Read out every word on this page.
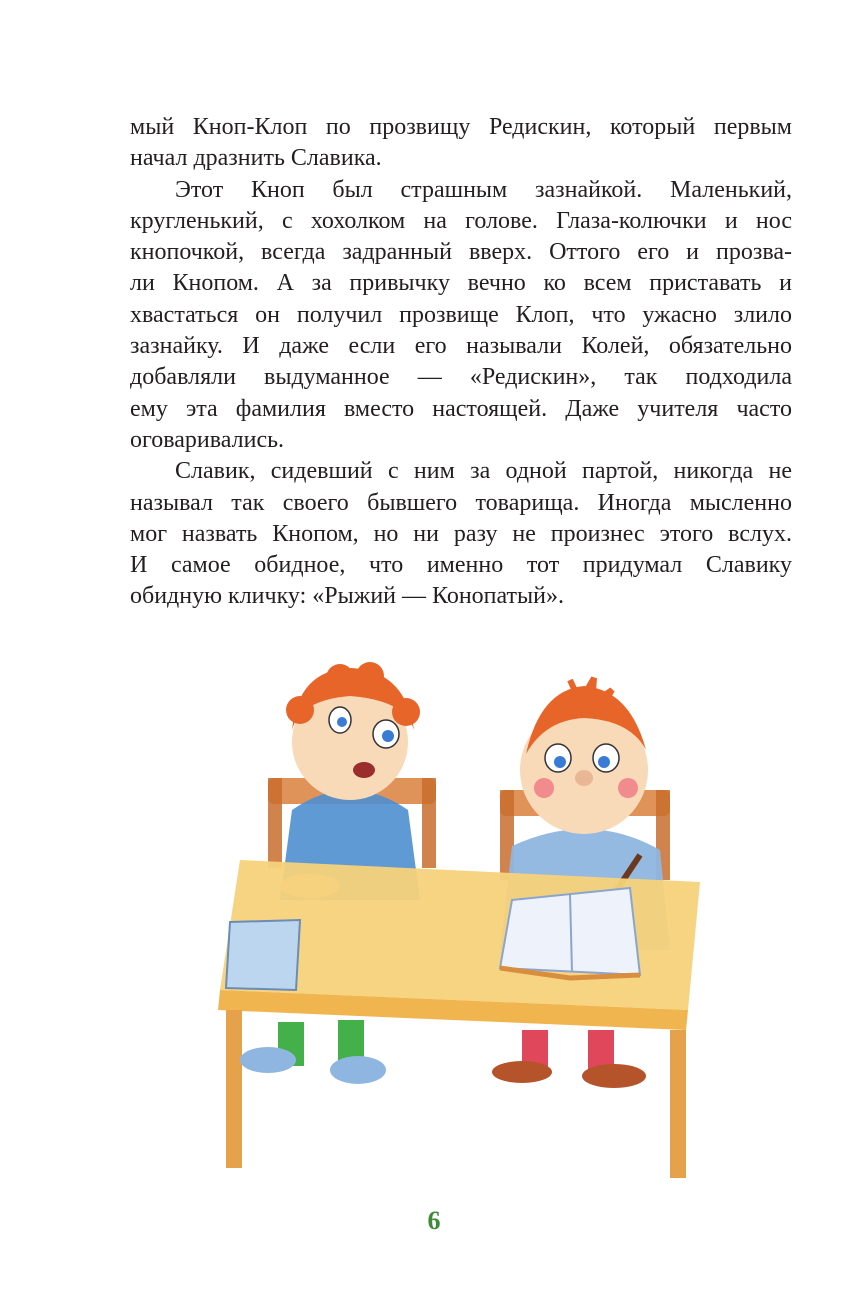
мый Кноп-Клоп по прозвищу Редискин, который первым
начал дразнить Славика.

Этот Кноп был страшным зазнайкой. Маленький,
кругленький, с хохолком на голове. Глаза-колючки и нос
кнопочкой, всегда задранный вверх. Оттого его и прозва-
ли Кнопом. А за привычку вечно ко всем приставать и
хвастаться он получил прозвище Клоп, что ужасно злило
зазнайку. И даже если его называли Колей, обязательно
добавляли выдуманное — «Редискин», так подходила
ему эта фамилия вместо настоящей. Даже учителя часто
оговаривались.

Славик, сидевший с ним за одной партой, никогда не
называл так своего бывшего товарища. Иногда мысленно
мог назвать Кнопом, но ни разу не произнес этого вслух.
И самое обидное, что именно тот придумал Славику
обидную кличку: «Рыжий — Конопатый».

6
